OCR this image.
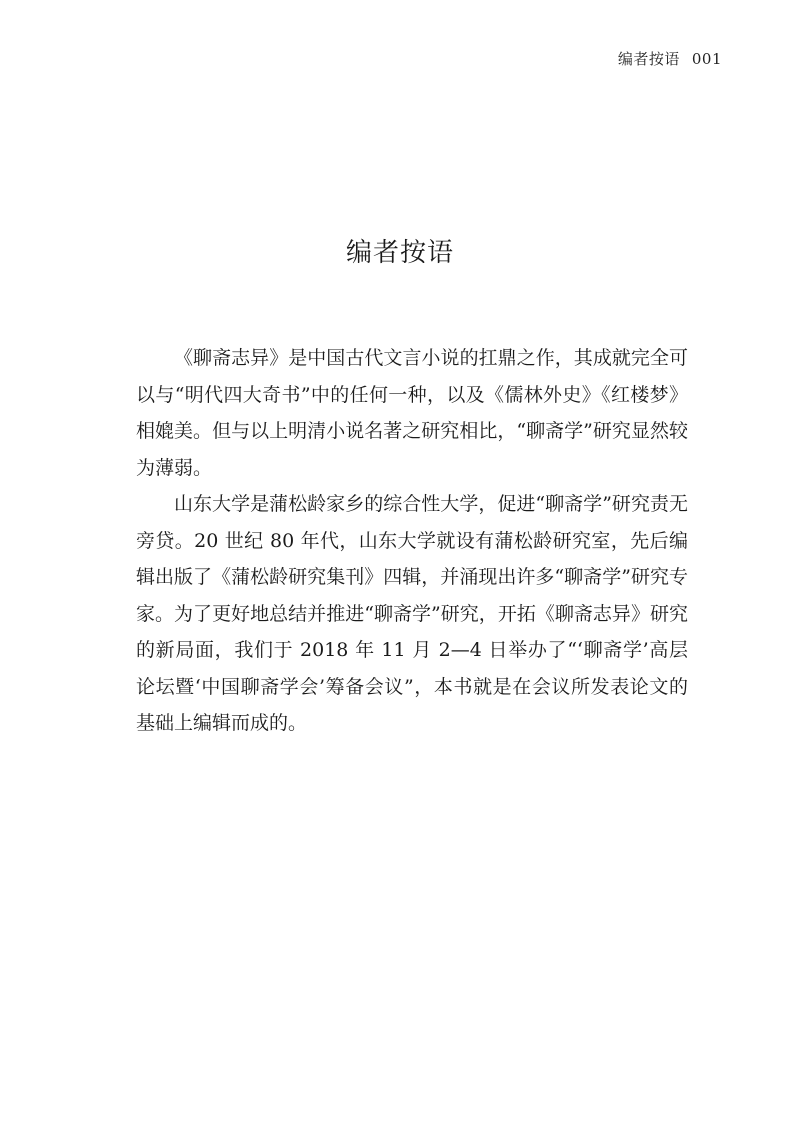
编者按语 001
编者按语

《聊斋志异》是中国古代文言小说的扛鼎之作，其成就完全可以与“明代四大奇书”中的任何一种，以及《儒林外史》《红楼梦》相媲美。但与以上明清小说名著之研究相比，“聊斋学”研究显然较为薄弱。

山东大学是蒲松龄家乡的综合性大学，促进“聊斋学”研究责无旁贷。20 世纪 80 年代，山东大学就设有蒲松龄研究室，先后编辑出版了《蒲松龄研究集刊》四辑，并涌现出许多“聊斋学”研究专家。为了更好地总结并推进“聊斋学”研究，开拓《聊斋志异》研究的新局面，我们于 2018 年 11 月 2—4 日举办了“‘聊斋学’高层论坛暨‘中国聊斋学会’筹备会议”，本书就是在会议所发表论文的基础上编辑而成的。
